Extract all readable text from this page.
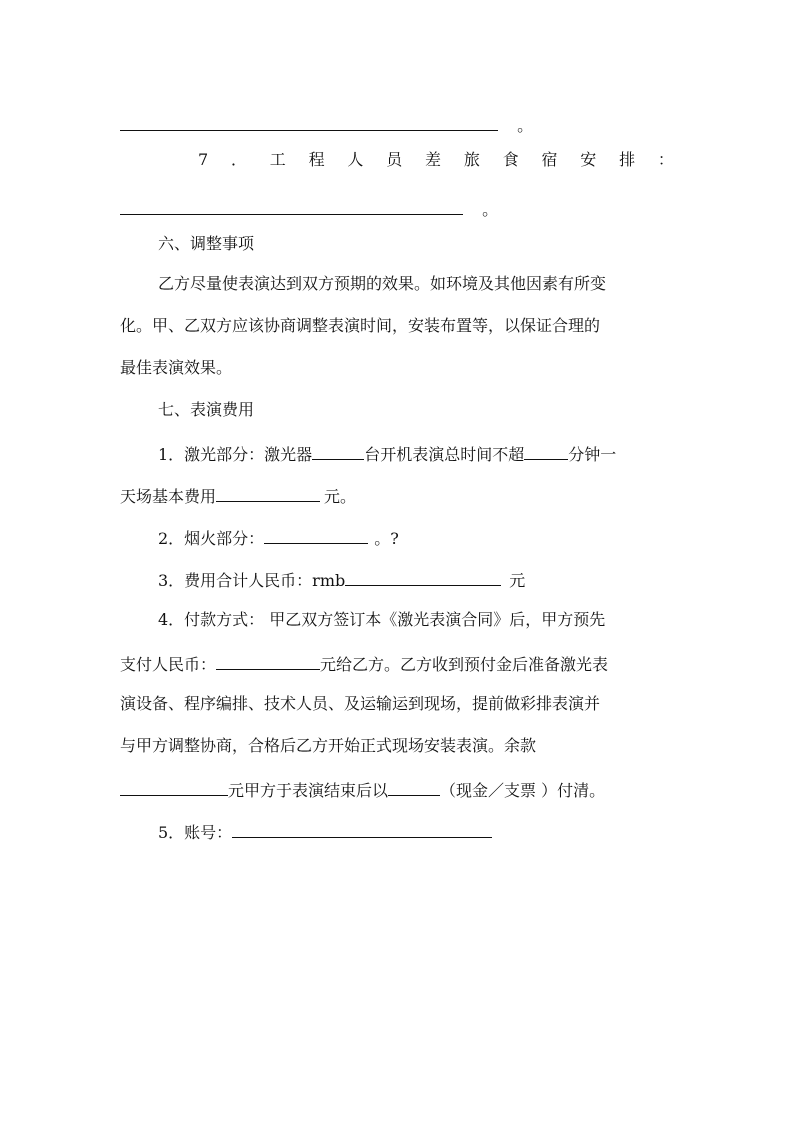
。
7 ． 工 程 人 员 差 旅 食 宿 安 排 ：
。
六、调整事项
乙方尽量使表演达到双方预期的效果。如环境及其他因素有所变
化。甲、乙双方应该协商调整表演时间，安装布置等，以保证合理的
最佳表演效果。
七、表演费用
1．激光部分：激光器	台开机表演总时间不超	分钟一
天场基本费用	元。
2．烟火部分：	。?
3．费用合计人民币：rmb	元
4．付款方式： 甲乙双方签订本《激光表演合同》后，甲方预先
支付人民币：	元给乙方。乙方收到预付金后准备激光表
演设备、程序编排、技术人员、及运输运到现场，提前做彩排表演并
与甲方调整协商，合格后乙方开始正式现场安装表演。余款
元甲方于表演结束后以	（现金／支票 ）付清。
5．账号：
